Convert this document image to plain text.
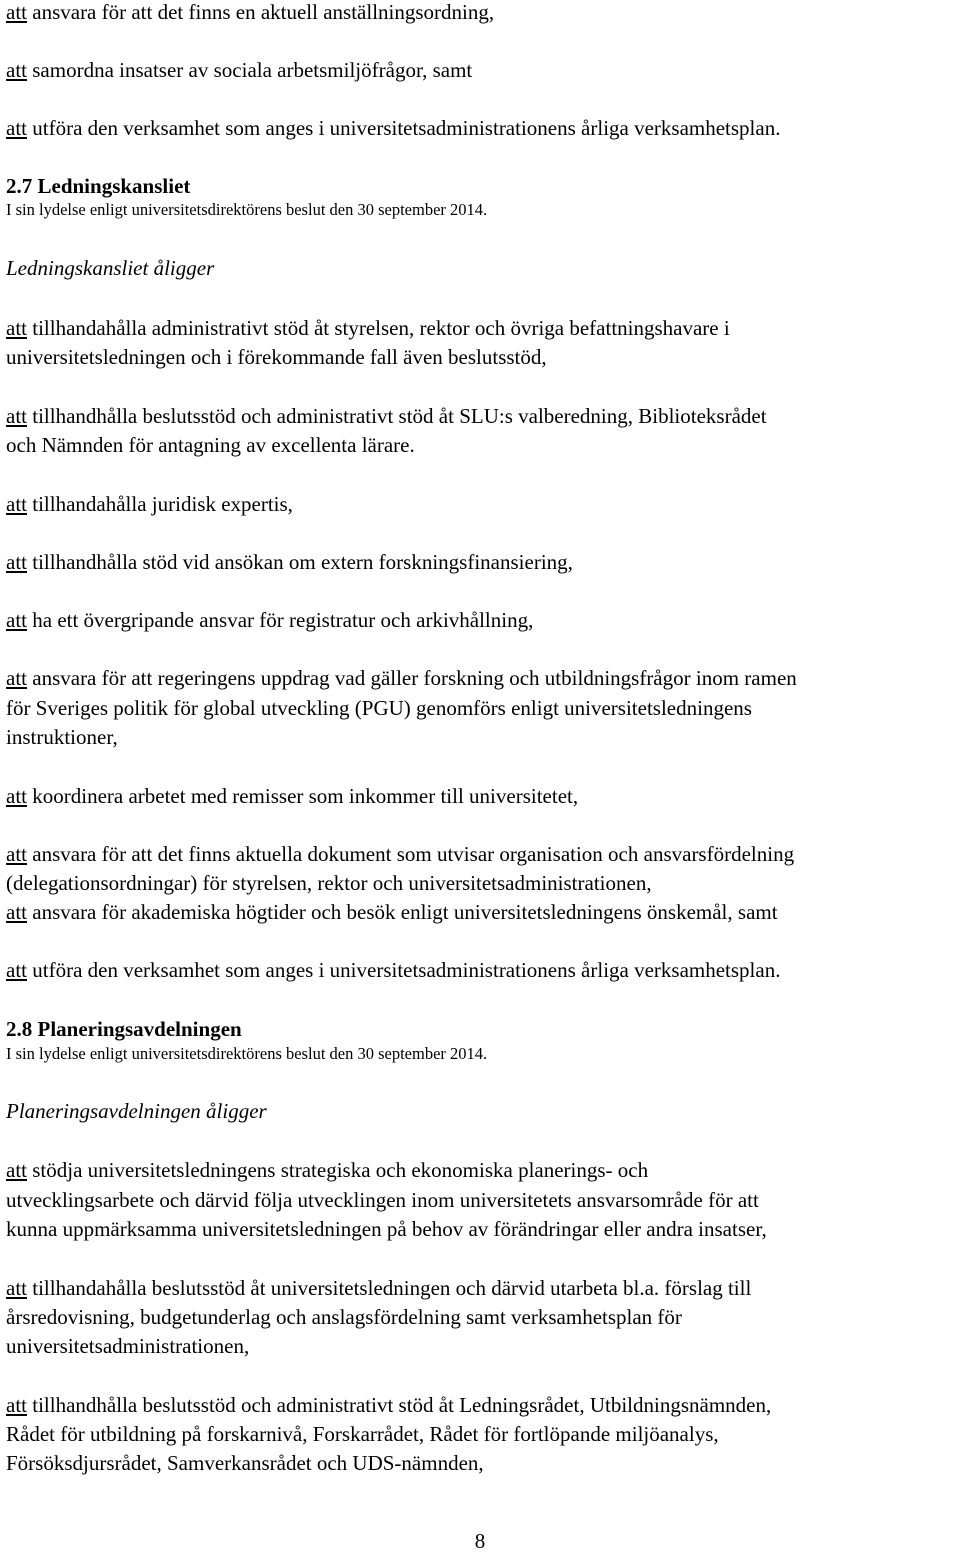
att ansvara för att det finns en aktuell anställningsordning,
att samordna insatser av sociala arbetsmiljöfrågor, samt
att utföra den verksamhet som anges i universitetsadministrationens årliga verksamhetsplan.
2.7 Ledningskansliet
I sin lydelse enligt universitetsdirektörens beslut den 30 september 2014.
Ledningskansliet åligger
att tillhandahålla administrativt stöd åt styrelsen, rektor och övriga befattningshavare i
universitetsledningen och i förekommande fall även beslutsstöd,
att tillhandhålla beslutsstöd och administrativt stöd åt SLU:s valberedning, Biblioteksrådet
och Nämnden för antagning av excellenta lärare.
att tillhandahålla juridisk expertis,
att tillhandhålla stöd vid ansökan om extern forskningsfinansiering,
att ha ett övergripande ansvar för registratur och arkivhållning,
att ansvara för att regeringens uppdrag vad gäller forskning och utbildningsfrågor inom ramen
för Sveriges politik för global utveckling (PGU) genomförs enligt universitetsledningens
instruktioner,
att koordinera arbetet med remisser som inkommer till universitetet,
att ansvara för att det finns aktuella dokument som utvisar organisation och ansvarsfördelning
(delegationsordningar) för styrelsen, rektor och universitetsadministrationen,
att ansvara för akademiska högtider och besök enligt universitetsledningens önskemål, samt
att utföra den verksamhet som anges i universitetsadministrationens årliga verksamhetsplan.
2.8 Planeringsavdelningen
I sin lydelse enligt universitetsdirektörens beslut den 30 september 2014.
Planeringsavdelningen åligger
att stödja universitetsledningens strategiska och ekonomiska planerings- och
utvecklingsarbete och därvid följa utvecklingen inom universitetets ansvarsområde för att
kunna uppmärksamma universitetsledningen på behov av förändringar eller andra insatser,
att tillhandahålla beslutsstöd åt universitetsledningen och därvid utarbeta bl.a. förslag till
årsredovisning, budgetunderlag och anslagsfördelning samt verksamhetsplan för
universitetsadministrationen,
att tillhandhålla beslutsstöd och administrativt stöd åt Ledningsrådet, Utbildningsnämnden,
Rådet för utbildning på forskarnivå, Forskarrådet, Rådet för fortlöpande miljöanalys,
Försöksdjursrådet, Samverkansrådet och UDS-nämnden,
8
